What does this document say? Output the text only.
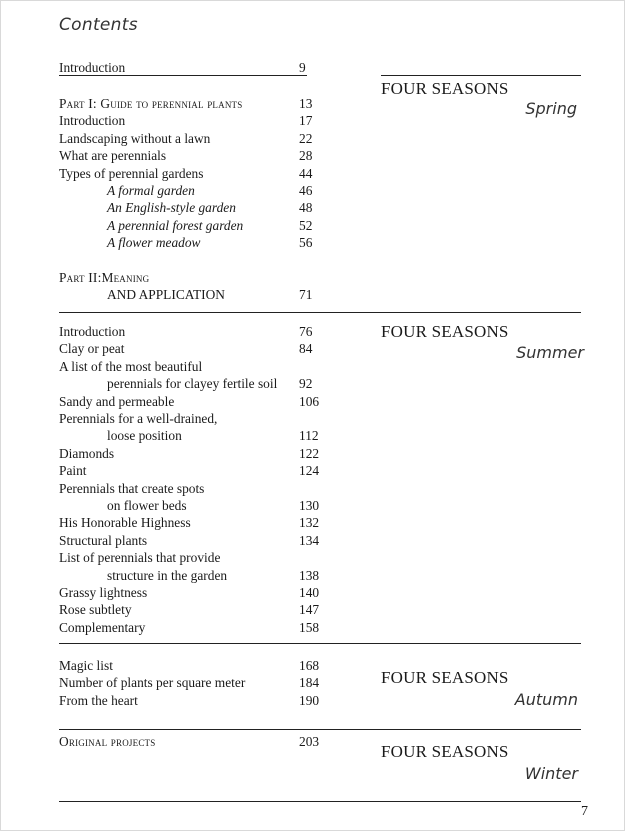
Contents
Introduction	9
Part I: Guide to perennial plants	13
Introduction	17
Landscaping without a lawn	22
What are perennials	28
Types of perennial gardens	44
A formal garden	46
An English-style garden	48
A perennial forest garden	52
A flower meadow	56
Part II:Meaning
AND APPLICATION	71
Introduction	76
Clay or peat	84
A list of the most beautiful
perennials for clayey fertile soil 92
Sandy and permeable	106
Perennials for a well-drained,
loose position	112
Diamonds	122
Paint	124
Perennials that create spots
on flower beds	130
His Honorable Highness	132
Structural plants	134
List of perennials that provide
structure in the garden	138
Grassy lightness	140
Rose subtlety	147
Complementary	158
Magic list	168
Number of plants per square meter	184
From the heart	190
Original projects	203
FOUR SEASONS
Spring
FOUR SEASONS
Summer
FOUR SEASONS
Autumn
FOUR SEASONS
Winter
7
